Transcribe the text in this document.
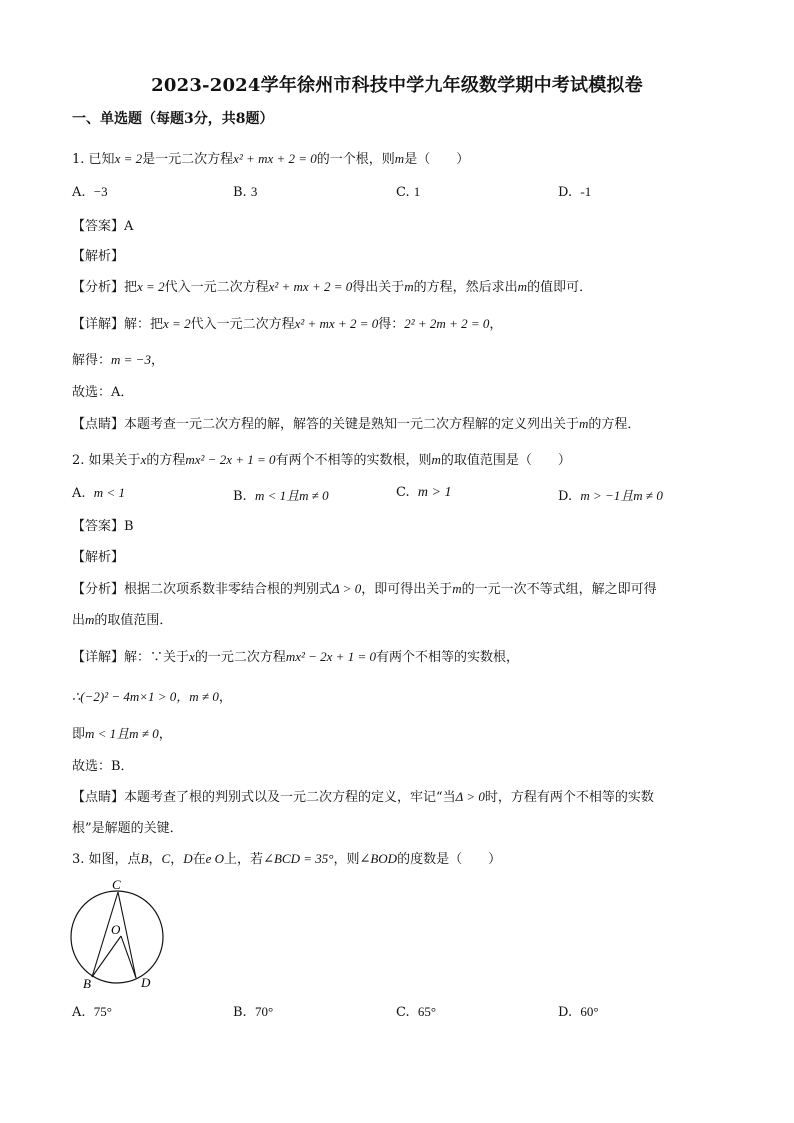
2023-2024学年徐州市科技中学九年级数学期中考试模拟卷
一、单选题（每题3分，共8题）
1. 已知x = 2是一元二次方程x² + mx + 2 = 0的一个根，则m是（　　）
A. −3	B. 3	C. 1	D. -1
【答案】A
【解析】
【分析】把x = 2代入一元二次方程x² + mx + 2 = 0得出关于m的方程，然后求出m的值即可．
【详解】解：把x = 2代入一元二次方程x² + mx + 2 = 0得：2² + 2m + 2 = 0，
解得：m = −3，
故选：A．
【点睛】本题考查一元二次方程的解，解答的关键是熟知一元二次方程解的定义列出关于m的方程．
2. 如果关于x的方程mx² − 2x + 1 = 0有两个不相等的实数根，则m的取值范围是（　　）
A. m < 1	B. m < 1且m ≠ 0	C. m > 1	D. m > −1且m ≠ 0
【答案】B
【解析】
【分析】根据二次项系数非零结合根的判别式Δ > 0，即可得出关于m的一元一次不等式组，解之即可得
出m的取值范围．
【详解】解：∵关于x的一元二次方程mx² − 2x + 1 = 0有两个不相等的实数根，
∴(−2)² − 4m×1 > 0，m ≠ 0，
即m < 1且m ≠ 0，
故选：B．
【点睛】本题考查了根的判别式以及一元二次方程的定义，牢记“当Δ > 0时，方程有两个不相等的实数
根”是解题的关键．
3. 如图，点B，C，D在e O上，若∠BCD = 35°，则∠BOD的度数是（　　）
C
O
B	D
A. 75°	B. 70°	C. 65°	D. 60°
